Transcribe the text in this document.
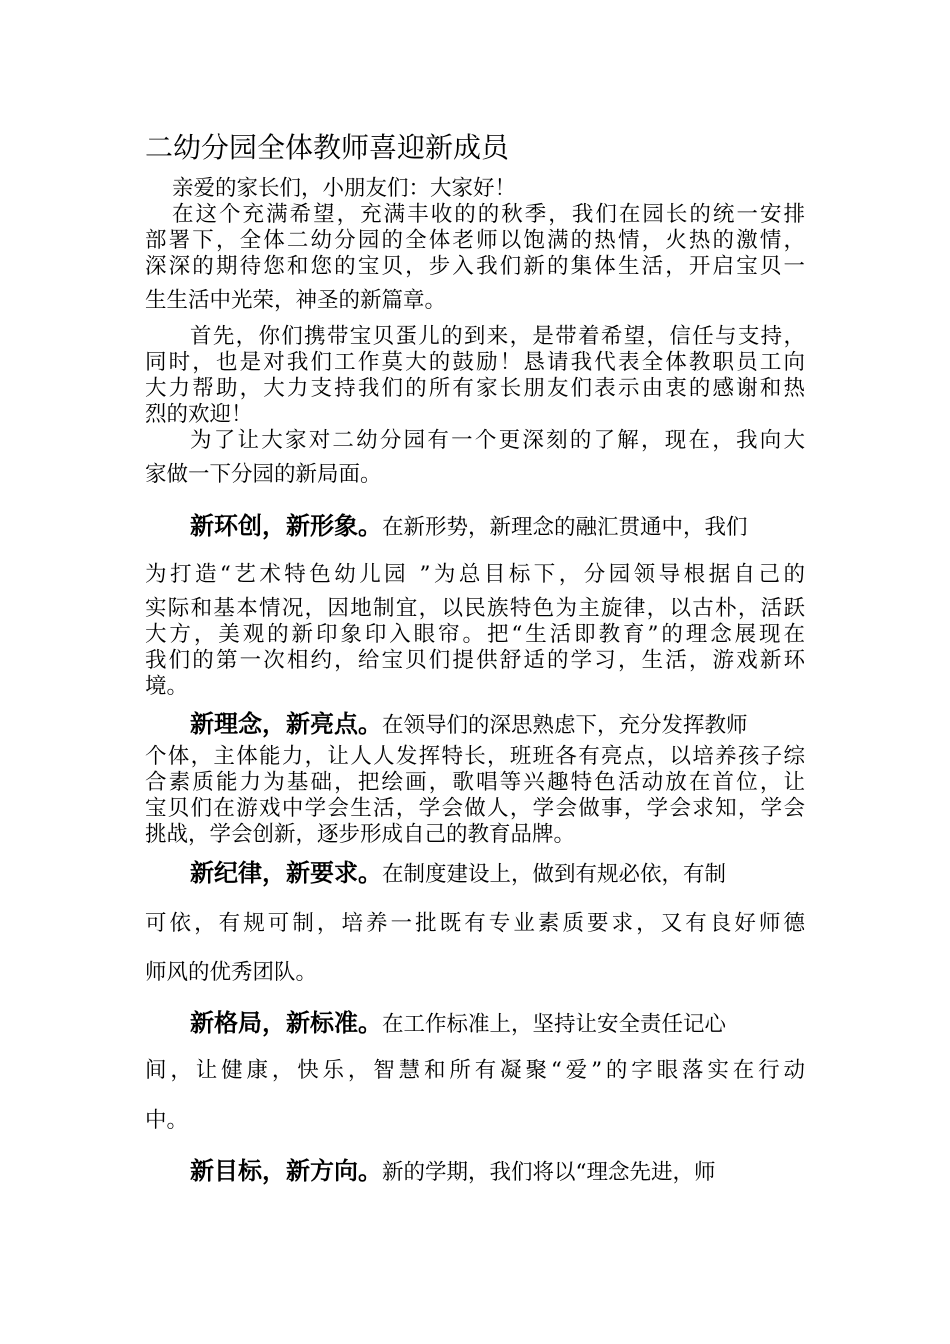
二幼分园全体教师喜迎新成员
亲爱的家长们，小朋友们：大家好！
在这个充满希望，充满丰收的的秋季，我们在园长的统一安排
部署下，全体二幼分园的全体老师以饱满的热情，火热的激情，
深深的期待您和您的宝贝，步入我们新的集体生活，开启宝贝一
生生活中光荣，神圣的新篇章。
首先，你们携带宝贝蛋儿的到来，是带着希望，信任与支持，
同时，也是对我们工作莫大的鼓励！恳请我代表全体教职员工向
大力帮助，大力支持我们的所有家长朋友们表示由衷的感谢和热
烈的欢迎！
为了让大家对二幼分园有一个更深刻的了解，现在，我向大
家做一下分园的新局面。
新环创，新形象。在新形势，新理念的融汇贯通中，我们
为打造“艺术特色幼儿园 ”为总目标下，分园领导根据自己的
实际和基本情况，因地制宜，以民族特色为主旋律，以古朴，活跃
大方，美观的新印象印入眼帘。把“生活即教育”的理念展现在
我们的第一次相约，给宝贝们提供舒适的学习，生活，游戏新环
境。
新理念，新亮点。在领导们的深思熟虑下，充分发挥教师
个体，主体能力，让人人发挥特长，班班各有亮点，以培养孩子综
合素质能力为基础，把绘画，歌唱等兴趣特色活动放在首位，让
宝贝们在游戏中学会生活，学会做人，学会做事，学会求知，学会
挑战，学会创新，逐步形成自己的教育品牌。
新纪律，新要求。在制度建设上，做到有规必依，有制
可依，有规可制，培养一批既有专业素质要求，又有良好师德
师风的优秀团队。
新格局，新标准。在工作标准上，坚持让安全责任记心
间，让健康，快乐，智慧和所有凝聚“爱”的字眼落实在行动
中。
新目标，新方向。新的学期，我们将以“理念先进，师
